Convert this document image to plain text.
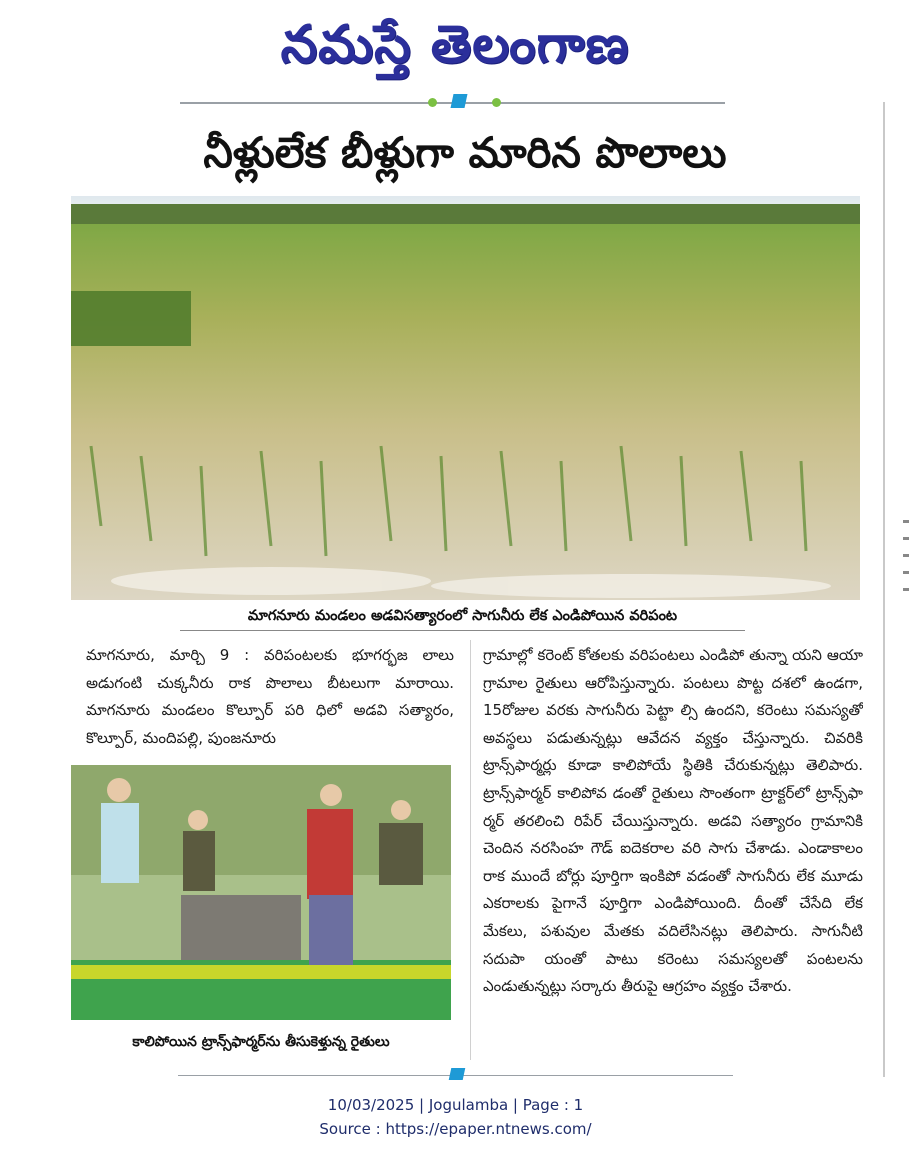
నమస్తే తెలంగాణ
నీళ్లులేక బీళ్లుగా మారిన పొలాలు
మాగనూరు మండలం అడవిసత్యారంలో సాగునీరు లేక ఎండిపోయిన వరిపంట

మాగనూరు, మార్చి 9 : వరిపంటలకు భూగర్భజ లాలు అడుగంటి చుక్కనీరు రాక పొలాలు బీటలుగా మారాయి. మాగనూరు మండలం కొల్పూర్ పరి ధిలో అడవి సత్యారం, కొల్పూర్, మందిపల్లి, పుంజనూరు

గ్రామాల్లో కరెంట్ కోతలకు వరిపంటలు ఎండిపో తున్నా యని ఆయా గ్రామాల రైతులు ఆరోపిస్తున్నారు. పంటలు పొట్ట దశలో ఉండగా, 15రోజుల వరకు సాగునీరు పెట్టా ల్సి ఉందని, కరెంటు సమస్యతో అవస్థలు పడుతున్నట్లు ఆవేదన వ్యక్తం చేస్తున్నారు. చివరికి ట్రాన్స్‌ఫార్మర్లు కూడా కాలిపోయే స్థితికి చేరుకున్నట్లు తెలిపారు. ట్రాన్స్‌ఫార్మర్ కాలిపోవ డంతో రైతులు సొంతంగా ట్రాక్టర్‌లో ట్రాన్స్‌ఫా ర్మర్ తరలించి రిపేర్ చేయిస్తున్నారు. అడవి సత్యారం గ్రామానికి చెందిన నరసింహ గౌడ్ ఐదెకరాల వరి సాగు చేశాడు. ఎండాకాలం రాక ముందే బోర్లు పూర్తిగా ఇంకిపో వడంతో సాగునీరు లేక మూడు ఎకరాలకు పైగానే పూర్తిగా ఎండిపోయింది. దీంతో చేసేది లేక మేకలు, పశువుల మేతకు వదిలేసినట్లు తెలిపారు. సాగునీటి సదుపా యంతో పాటు కరెంటు సమస్యలతో పంటలను ఎండుతున్నట్లు సర్కారు తీరుపై ఆగ్రహం వ్యక్తం చేశారు.

కాలిపోయిన ట్రాన్స్‌ఫార్మర్‌ను తీసుకెళ్తున్న రైతులు
10/03/2025 | Jogulamba | Page : 1
Source : https://epaper.ntnews.com/
